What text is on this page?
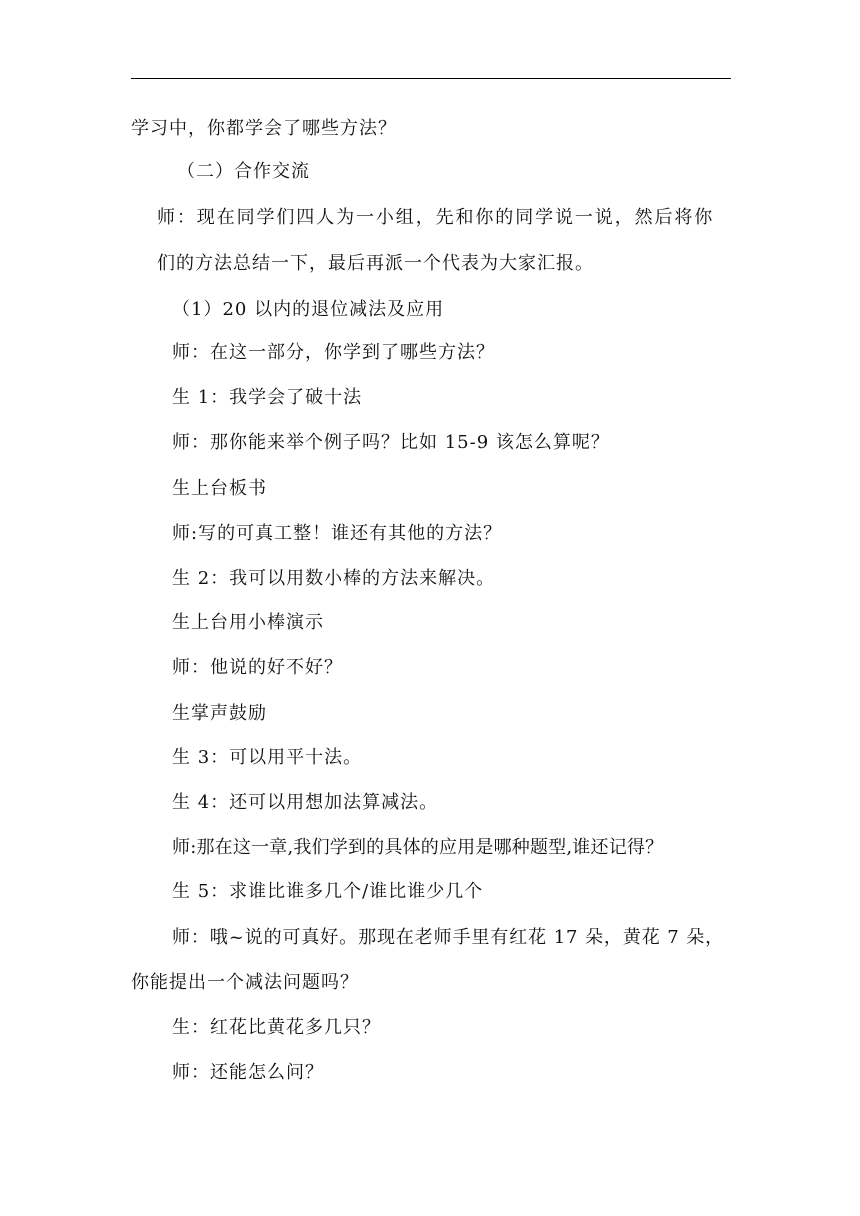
学习中，你都学会了哪些方法？
（二）合作交流
师：现在同学们四人为一小组，先和你的同学说一说，然后将你
们的方法总结一下，最后再派一个代表为大家汇报。
（1）20 以内的退位减法及应用
师：在这一部分，你学到了哪些方法？
生 1：我学会了破十法
师：那你能来举个例子吗？比如 15-9 该怎么算呢？
生上台板书
师:写的可真工整！谁还有其他的方法？
生 2：我可以用数小棒的方法来解决。
生上台用小棒演示
师：他说的好不好？
生掌声鼓励
生 3：可以用平十法。
生 4：还可以用想加法算减法。
师:那在这一章,我们学到的具体的应用是哪种题型,谁还记得？
生 5：求谁比谁多几个/谁比谁少几个
师：哦~说的可真好。那现在老师手里有红花 17 朵，黄花 7 朵，
你能提出一个减法问题吗？
生：红花比黄花多几只？
师：还能怎么问？
